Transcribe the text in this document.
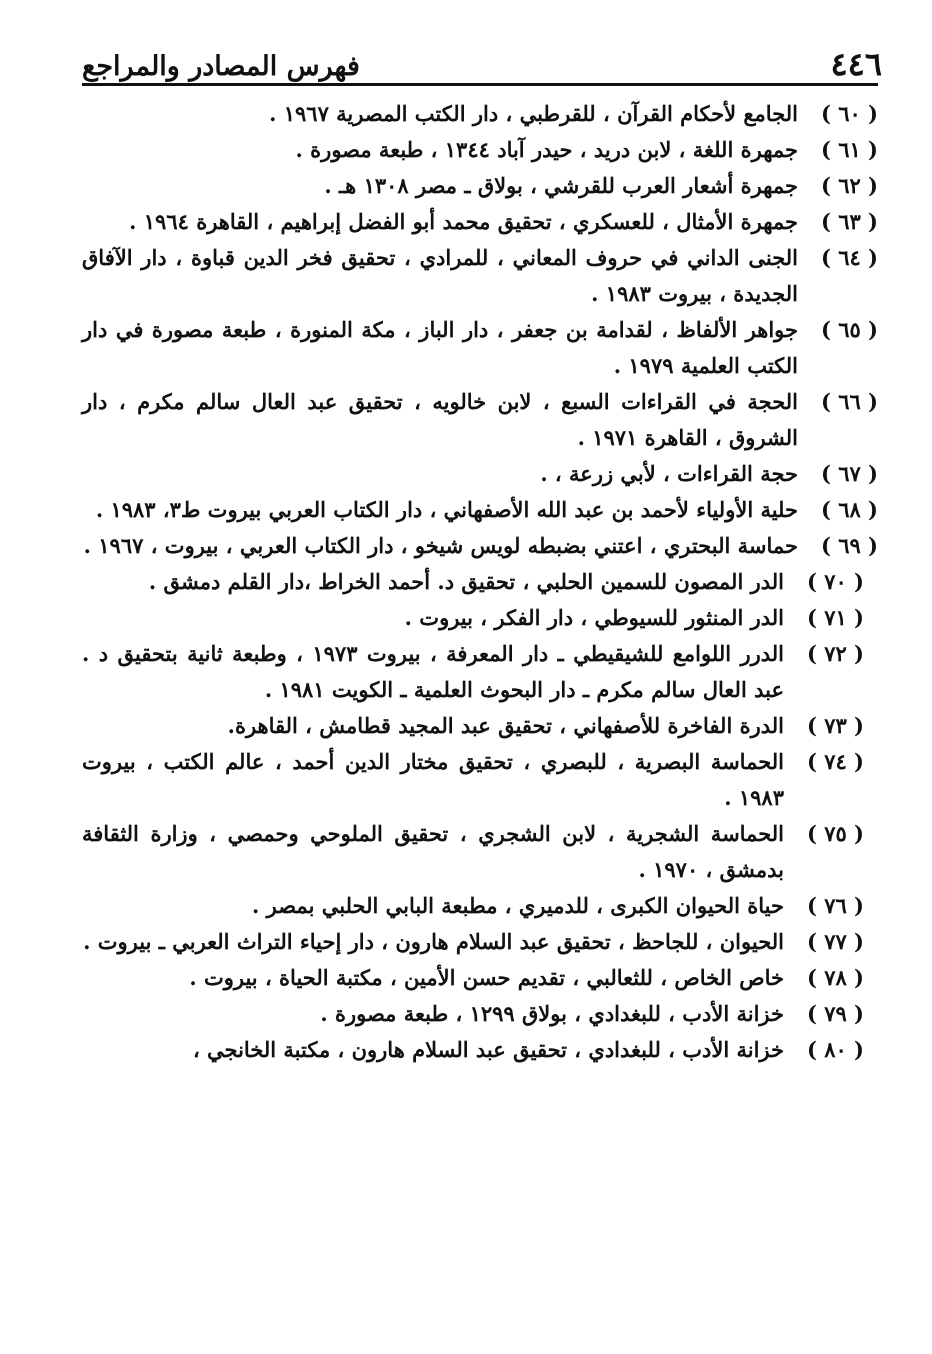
٤٤٦
فهرس المصادر والمراجع
( ٦٠ )
الجامع لأحكام القرآن ، للقرطبي ، دار الكتب المصرية ١٩٦٧ .
( ٦١ )
جمهرة اللغة ، لابن دريد ، حيدر آباد ١٣٤٤ ، طبعة مصورة .
( ٦٢ )
جمهرة أشعار العرب للقرشي ، بولاق ـ مصر ١٣٠٨ هـ .
( ٦٣ )
جمهرة الأمثال ، للعسكري ، تحقيق محمد أبو الفضل إبراهيم ، القاهرة ١٩٦٤ .
( ٦٤ )
الجنى الداني في حروف المعاني ، للمرادي ، تحقيق فخر الدين قباوة ، دار الآفاق الجديدة ، بيروت ١٩٨٣ .
( ٦٥ )
جواهر الألفاظ ، لقدامة بن جعفر ، دار الباز ، مكة المنورة ، طبعة مصورة في دار الكتب العلمية ١٩٧٩ .
( ٦٦ )
الحجة في القراءات السبع ، لابن خالويه ، تحقيق عبد العال سالم مكرم ، دار الشروق ، القاهرة ١٩٧١ .
( ٦٧ )
حجة القراءات ، لأبي زرعة ، .
( ٦٨ )
حلية الأولياء لأحمد بن عبد الله الأصفهاني ، دار الكتاب العربي بيروت ط٣، ١٩٨٣ .
( ٦٩ )
حماسة البحتري ، اعتني بضبطه لويس شيخو ، دار الكتاب العربي ، بيروت ، ١٩٦٧ .
( ٧٠ )
الدر المصون للسمين الحلبي ، تحقيق د. أحمد الخراط ،دار القلم دمشق .
( ٧١ )
الدر المنثور للسيوطي ، دار الفكر ، بيروت .
( ٧٢ )
الدرر اللوامع للشيقيطي ـ دار المعرفة ، بيروت ١٩٧٣ ، وطبعة ثانية بتحقيق د . عبد العال سالم مكرم ـ دار البحوث العلمية ـ الكويت ١٩٨١ .
( ٧٣ )
الدرة الفاخرة للأصفهاني ، تحقيق عبد المجيد قطامش ، القاهرة.
( ٧٤ )
الحماسة البصرية ، للبصري ، تحقيق مختار الدين أحمد ، عالم الكتب ، بيروت ١٩٨٣ .
( ٧٥ )
الحماسة الشجرية ، لابن الشجري ، تحقيق الملوحي وحمصي ، وزارة الثقافة بدمشق ، ١٩٧٠ .
( ٧٦ )
حياة الحيوان الكبرى ، للدميري ، مطبعة البابي الحلبي بمصر .
( ٧٧ )
الحيوان ، للجاحظ ، تحقيق عبد السلام هارون ، دار إحياء التراث العربي ـ بيروت .
( ٧٨ )
خاص الخاص ، للثعالبي ، تقديم حسن الأمين ، مكتبة الحياة ، بيروت .
( ٧٩ )
خزانة الأدب ، للبغدادي ، بولاق ١٢٩٩ ، طبعة مصورة .
( ٨٠ )
خزانة الأدب ، للبغدادي ، تحقيق عبد السلام هارون ، مكتبة الخانجي ،
